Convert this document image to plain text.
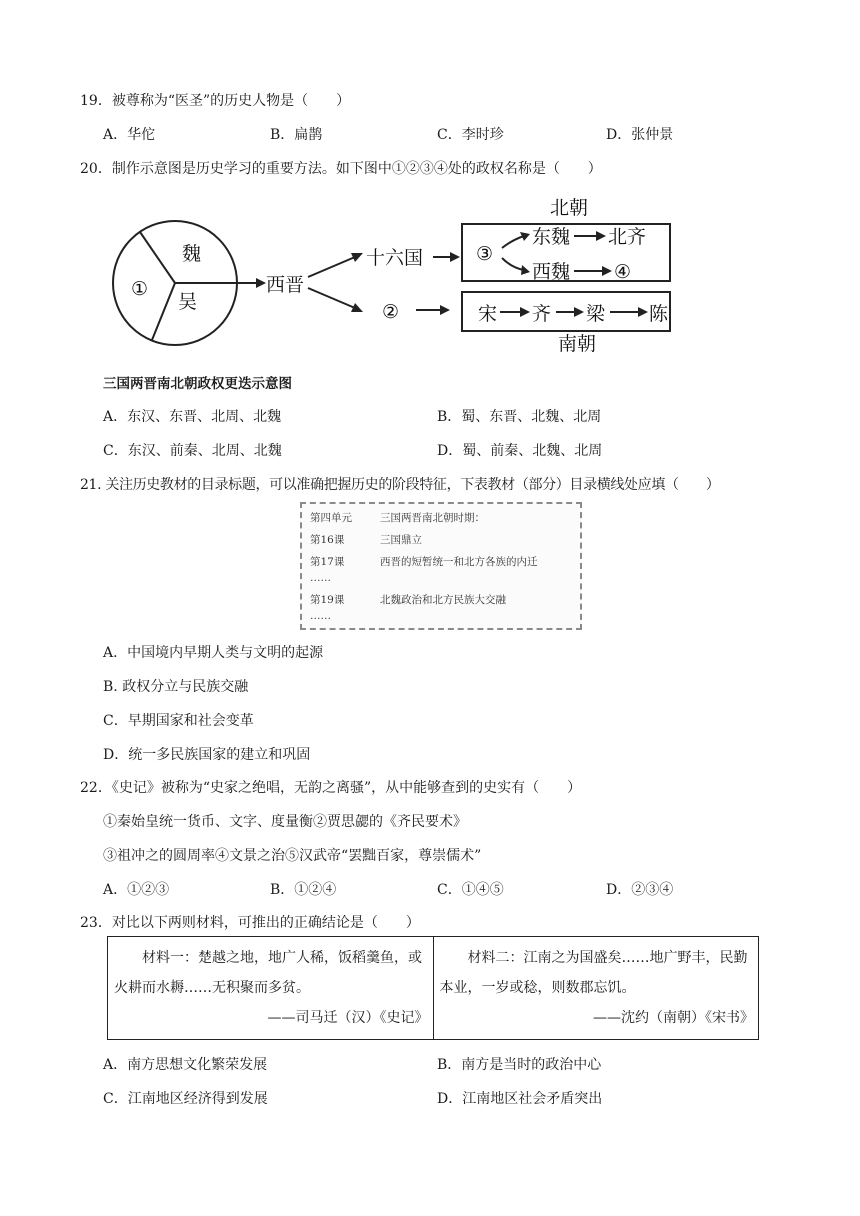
19．被尊称为“医圣”的历史人物是（　　）
A．华佗	B．扁鹊	C．李时珍	D．张仲景
20．制作示意图是历史学习的重要方法。如下图中①②③④处的政权名称是（　　）
魏
吴
①	西晋
十六国
②
北朝
③
东魏 北齐
西魏 ④
宋 齐 梁 陈
南朝
三国两晋南北朝政权更迭示意图
A．东汉、东晋、北周、北魏	B．蜀、东晋、北魏、北周
C．东汉、前秦、北周、北魏	D．蜀、前秦、北魏、北周
21. 关注历史教材的目录标题，可以准确把握历史的阶段特征，下表教材（部分）目录横线处应填（　　）
第四单元	三国两晋南北朝时期：
第16课	三国鼎立
第17课	西晋的短暂统一和北方各族的内迁
……
第19课	北魏政治和北方民族大交融
……
A．中国境内早期人类与文明的起源
B. 政权分立与民族交融
C．早期国家和社会变革
D．统一多民族国家的建立和巩固
22．《史记》被称为“史家之绝唱，无韵之离骚”，从中能够查到的史实有（　　）
①秦始皇统一货币、文字、度量衡②贾思勰的《齐民要术》
③祖冲之的圆周率④文景之治⑤汉武帝“罢黜百家，尊崇儒术”
A．①②③	B．①②④	C．①④⑤	D．②③④
23．对比以下两则材料，可推出的正确结论是（　　）
　　材料一：楚越之地，地广人稀，饭稻羹鱼，或火耕而水耨……无积聚而多贫。
——司马迁（汉）《史记》
	　　材料二：江南之为国盛矣……地广野丰，民勤本业，一岁或稔，则数郡忘饥。
——沈约（南朝）《宋书》
A．南方思想文化繁荣发展	B．南方是当时的政治中心
C．江南地区经济得到发展	D．江南地区社会矛盾突出
